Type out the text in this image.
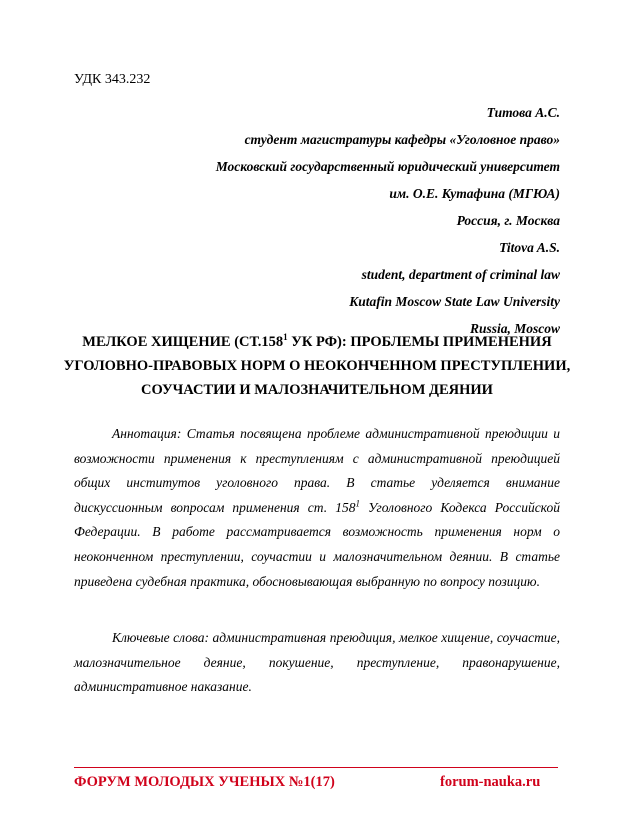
УДК 343.232
Титова А.С.
студент магистратуры кафедры «Уголовное право»
Московский государственный юридический университет
им. О.Е. Кутафина (МГЮА)
Россия, г. Москва
Titova A.S.
student, department of criminal law
Kutafin Moscow State Law University
Russia, Moscow
МЕЛКОЕ ХИЩЕНИЕ (СТ.158$^1$ УК РФ): ПРОБЛЕМЫ ПРИМЕНЕНИЯ УГОЛОВНО-ПРАВОВЫХ НОРМ О НЕОКОНЧЕННОМ ПРЕСТУПЛЕНИИ, СОУЧАСТИИ И МАЛОЗНАЧИТЕЛЬНОМ ДЕЯНИИ
Аннотация: Статья посвящена проблеме административной преюдиции и возможности применения к преступлениям с административной преюдицией общих институтов уголовного права. В статье уделяется внимание дискуссионным вопросам применения ст. $158^1$ Уголовного Кодекса Российской Федерации. В работе рассматривается возможность применения норм о неоконченном преступлении, соучастии и малозначительном деянии. В статье приведена судебная практика, обосновывающая выбранную по вопросу позицию.
Ключевые слова: административная преюдиция, мелкое хищение, соучастие, малозначительное деяние, покушение, преступление, правонарушение, административное наказание.
ФОРУМ МОЛОДЫХ УЧЕНЫХ №1(17)	forum-nauka.ru
